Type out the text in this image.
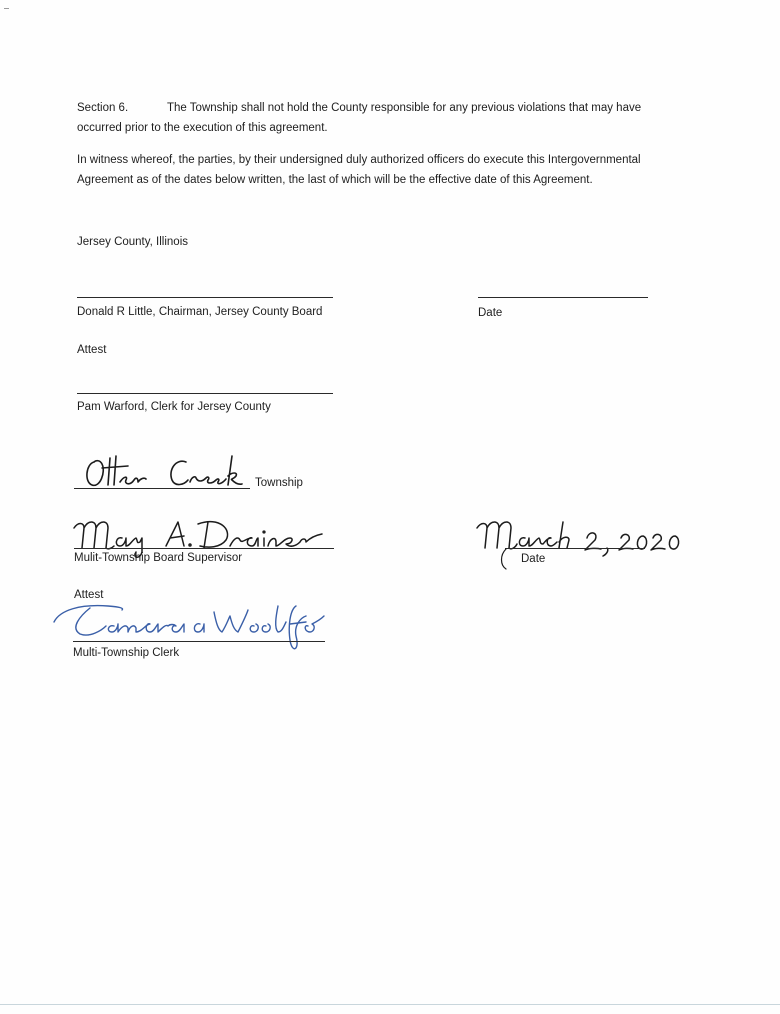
Section 6.	The Township shall not hold the County responsible for any previous violations that may have
occurred prior to the execution of this agreement.
In witness whereof, the parties, by their undersigned duly authorized officers do execute this Intergovernmental
Agreement as of the dates below written, the last of which will be the effective date of this Agreement.
Jersey County, Illinois
Donald R Little, Chairman, Jersey County Board	Date
Attest
Pam Warford, Clerk for Jersey County
Township
Mulit-Township Board Supervisor	Date
Attest
Multi-Township Clerk
